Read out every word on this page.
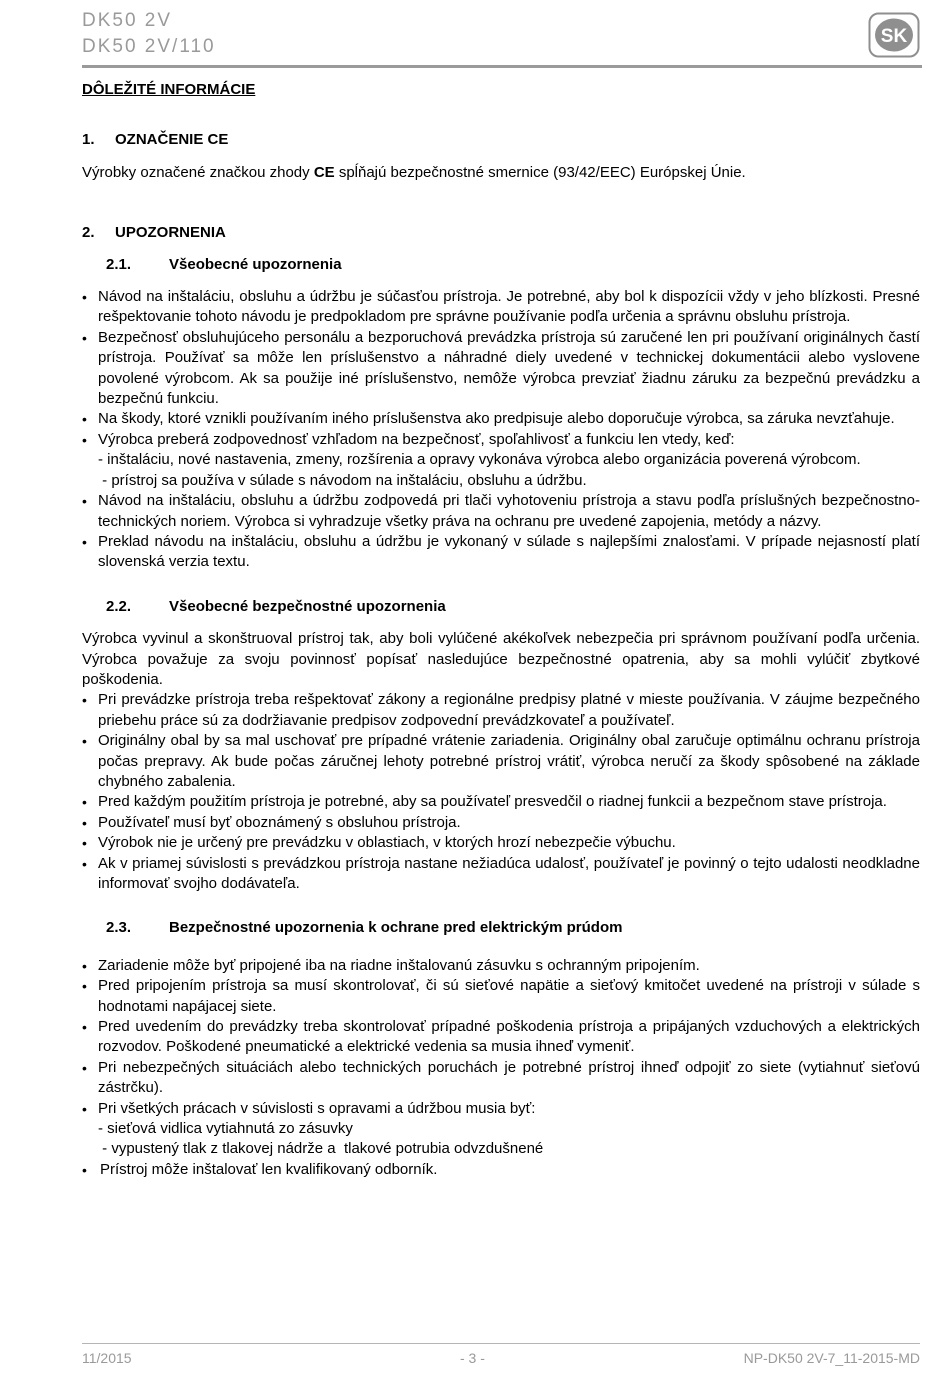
DK50 2V
DK50 2V/110	SK
DÔLEŽITÉ INFORMÁCIE
1.	OZNAČENIE CE

Výrobky označené značkou zhody CE spĺňajú bezpečnostné smernice (93/42/EEC) Európskej Únie.

2.	UPOZORNENIA
2.1.	Všeobecné upozornenia
• Návod na inštaláciu, obsluhu a údržbu je súčasťou prístroja. Je potrebné, aby bol k dispozícii vždy v jeho blízkosti. Presné rešpektovanie tohoto návodu je predpokladom pre správne používanie podľa určenia a správnu obsluhu prístroja.
• Bezpečnosť obsluhujúceho personálu a bezporuchová prevádzka prístroja sú zaručené len pri používaní originálnych častí prístroja. Používať sa môže len príslušenstvo a náhradné diely uvedené v technickej dokumentácii alebo vyslovene povolené výrobcom. Ak sa použije iné príslušenstvo, nemôže výrobca prevziať žiadnu záruku za bezpečnú prevádzku a bezpečnú funkciu.
• Na škody, ktoré vznikli používaním iného príslušenstva ako predpisuje alebo doporučuje výrobca, sa záruka nevzťahuje.
• Výrobca preberá zodpovednosť vzhľadom na bezpečnosť, spoľahlivosť a funkciu len vtedy, keď:
- inštaláciu, nové nastavenia, zmeny, rozšírenia a opravy vykonáva výrobca alebo organizácia poverená výrobcom.
- prístroj sa používa v súlade s návodom na inštaláciu, obsluhu a údržbu.
• Návod na inštaláciu, obsluhu a údržbu zodpovedá pri tlači vyhotoveniu prístroja a stavu podľa príslušných bezpečnostno-technických noriem. Výrobca si vyhradzuje všetky práva na ochranu pre uvedené zapojenia, metódy a názvy.
• Preklad návodu na inštaláciu, obsluhu a údržbu je vykonaný v súlade s najlepšími znalosťami. V prípade nejasností platí slovenská verzia textu.
2.2.	Všeobecné bezpečnostné upozornenia

Výrobca vyvinul a skonštruoval prístroj tak, aby boli vylúčené akékoľvek nebezpečia pri správnom používaní podľa určenia. Výrobca považuje za svoju povinnosť popísať nasledujúce bezpečnostné opatrenia, aby sa mohli vylúčiť zbytkové poškodenia.

• Pri prevádzke prístroja treba rešpektovať zákony a regionálne predpisy platné v mieste používania. V záujme bezpečného priebehu práce sú za dodržiavanie predpisov zodpovední prevádzkovateľ a používateľ.
• Originálny obal by sa mal uschovať pre prípadné vrátenie zariadenia. Originálny obal zaručuje optimálnu ochranu prístroja počas prepravy. Ak bude počas záručnej lehoty potrebné prístroj vrátiť, výrobca neručí za škody spôsobené na základe chybného zabalenia.
• Pred každým použitím prístroja je potrebné, aby sa používateľ presvedčil o riadnej funkcii a bezpečnom stave prístroja.
• Používateľ musí byť oboznámený s obsluhou prístroja.
• Výrobok nie je určený pre prevádzku v oblastiach, v ktorých hrozí nebezpečie výbuchu.
• Ak v priamej súvislosti s prevádzkou prístroja nastane nežiadúca udalosť, používateľ je povinný o tejto udalosti neodkladne informovať svojho dodávateľa.
2.3.	Bezpečnostné upozornenia k ochrane pred elektrickým prúdom
• Zariadenie môže byť pripojené iba na riadne inštalovanú zásuvku s ochranným pripojením.
• Pred pripojením prístroja sa musí skontrolovať, či sú sieťové napätie a sieťový kmitočet uvedené na prístroji v súlade s hodnotami napájacej siete.
• Pred uvedením do prevádzky treba skontrolovať prípadné poškodenia prístroja a pripájaných vzduchových a elektrických rozvodov. Poškodené pneumatické a elektrické vedenia sa musia ihneď vymeniť.
• Pri nebezpečných situáciách alebo technických poruchách je potrebné prístroj ihneď odpojiť zo siete (vytiahnuť sieťovú zástrčku).
• Pri všetkých prácach v súvislosti s opravami a údržbou musia byť:
- sieťová vidlica vytiahnutá zo zásuvky
- vypustený tlak z tlakovej nádrže a  tlakové potrubia odvzdušnené
• Prístroj môže inštalovať len kvalifikovaný odborník.
11/2015	- 3 -	NP-DK50 2V-7_11-2015-MD
